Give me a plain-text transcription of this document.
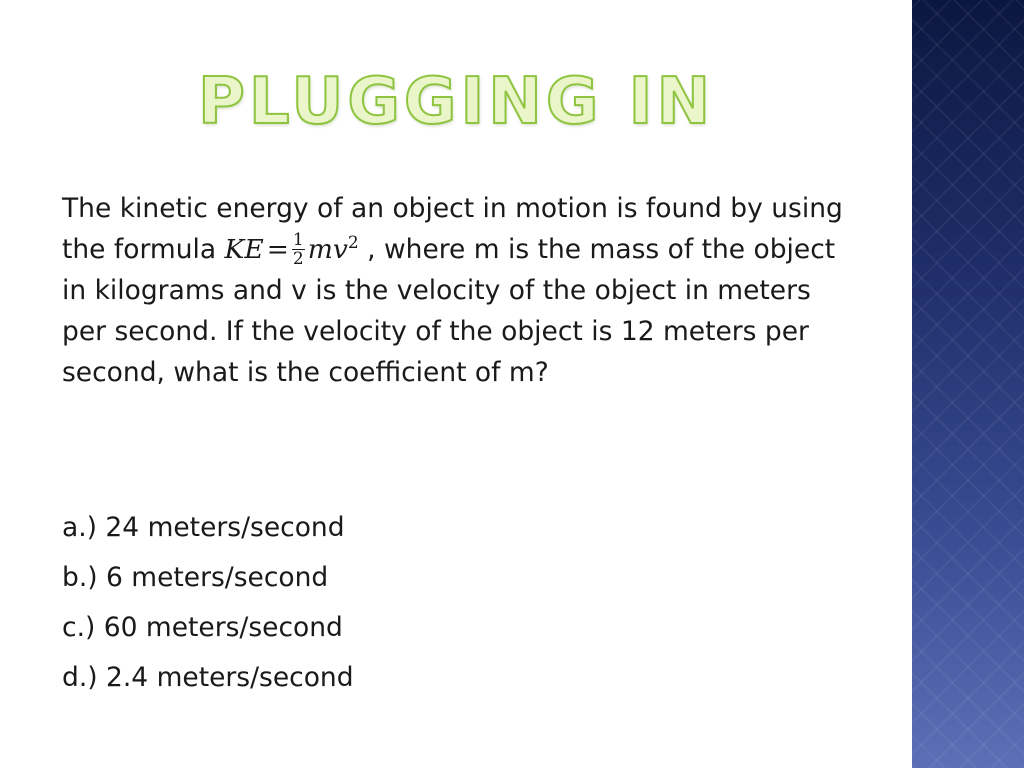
PLUGGING IN

The kinetic energy of an object in motion is found by using the formula KE = $\frac{1}{2} mv^2$ , where m is the mass of the object in kilograms and v is the velocity of the object in meters per second. If the velocity of the object is 12 meters per second, what is the coefficient of m?

a.) 24 meters/second
b.) 6 meters/second
c.) 60 meters/second
d.) 2.4 meters/second
